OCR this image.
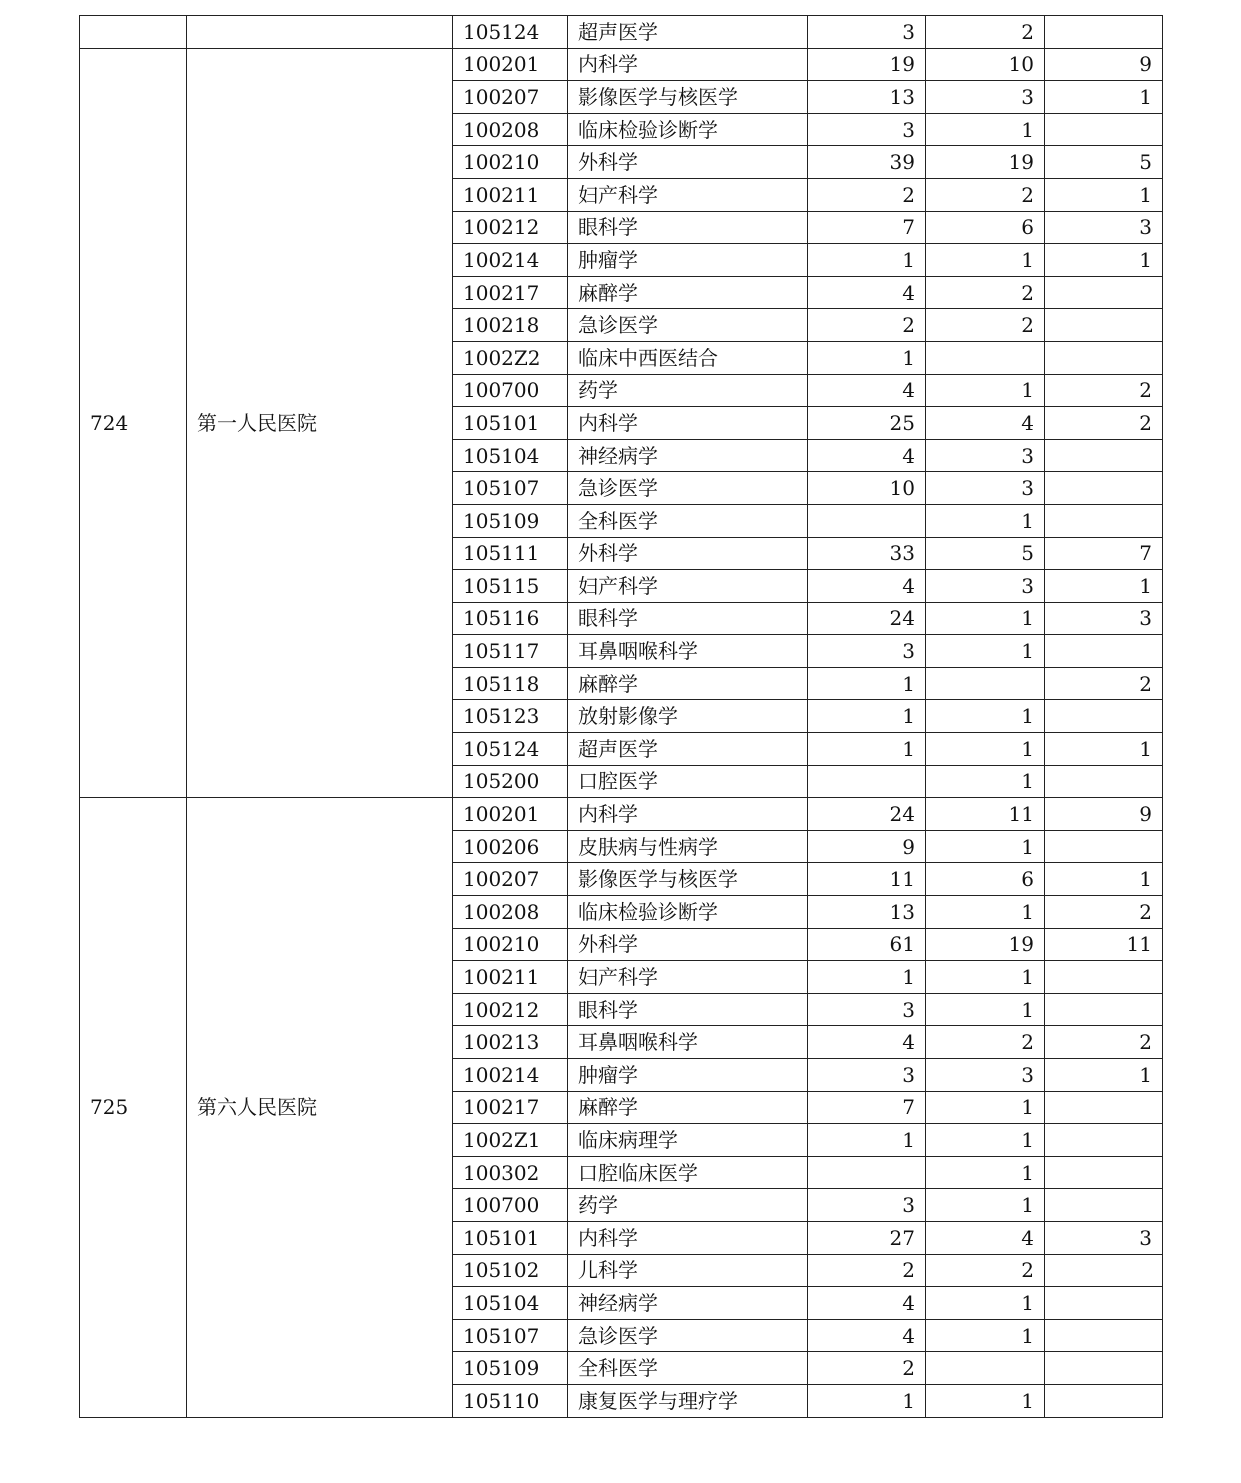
		105124	超声医学	3	2	
724	第一人民医院	100201	内科学	19	10	9
		100207	影像医学与核医学	13	3	1
		100208	临床检验诊断学	3	1	
		100210	外科学	39	19	5
		100211	妇产科学	2	2	1
		100212	眼科学	7	6	3
		100214	肿瘤学	1	1	1
		100217	麻醉学	4	2	
		100218	急诊医学	2	2	
		1002Z2	临床中西医结合	1		
		100700	药学	4	1	2
		105101	内科学	25	4	2
		105104	神经病学	4	3	
		105107	急诊医学	10	3	
		105109	全科医学		1	
		105111	外科学	33	5	7
		105115	妇产科学	4	3	1
		105116	眼科学	24	1	3
		105117	耳鼻咽喉科学	3	1	
		105118	麻醉学	1		2
		105123	放射影像学	1	1	
		105124	超声医学	1	1	1
		105200	口腔医学		1	
725	第六人民医院	100201	内科学	24	11	9
		100206	皮肤病与性病学	9	1	
		100207	影像医学与核医学	11	6	1
		100208	临床检验诊断学	13	1	2
		100210	外科学	61	19	11
		100211	妇产科学	1	1	
		100212	眼科学	3	1	
		100213	耳鼻咽喉科学	4	2	2
		100214	肿瘤学	3	3	1
		100217	麻醉学	7	1	
		1002Z1	临床病理学	1	1	
		100302	口腔临床医学		1	
		100700	药学	3	1	
		105101	内科学	27	4	3
		105102	儿科学	2	2	
		105104	神经病学	4	1	
		105107	急诊医学	4	1	
		105109	全科医学	2		
		105110	康复医学与理疗学	1	1	
